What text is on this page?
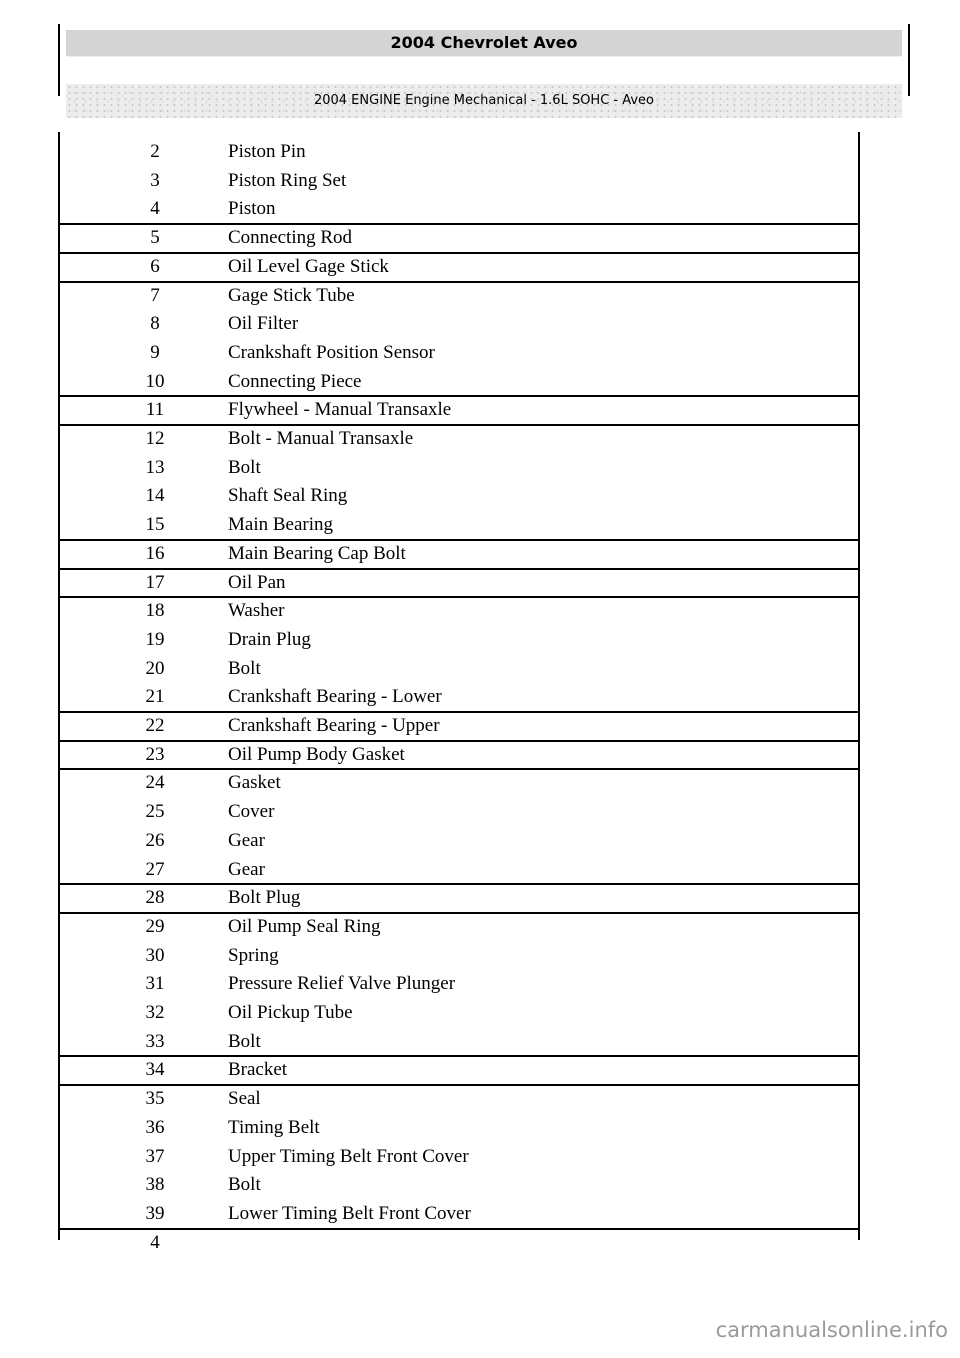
2004 Chevrolet Aveo
2004 ENGINE Engine Mechanical - 1.6L SOHC - Aveo
2	Piston Pin
3	Piston Ring Set
4	Piston
5	Connecting Rod
6	Oil Level Gage Stick
7	Gage Stick Tube
8	Oil Filter
9	Crankshaft Position Sensor
10	Connecting Piece
11	Flywheel - Manual Transaxle
12	Bolt - Manual Transaxle
13	Bolt
14	Shaft Seal Ring
15	Main Bearing
16	Main Bearing Cap Bolt
17	Oil Pan
18	Washer
19	Drain Plug
20	Bolt
21	Crankshaft Bearing - Lower
22	Crankshaft Bearing - Upper
23	Oil Pump Body Gasket
24	Gasket
25	Cover
26	Gear
27	Gear
28	Bolt Plug
29	Oil Pump Seal Ring
30	Spring
31	Pressure Relief Valve Plunger
32	Oil Pickup Tube
33	Bolt
34	Bracket
35	Seal
36	Timing Belt
37	Upper Timing Belt Front Cover
38	Bolt
39	Lower Timing Belt Front Cover
4
carmanualsonline.info
